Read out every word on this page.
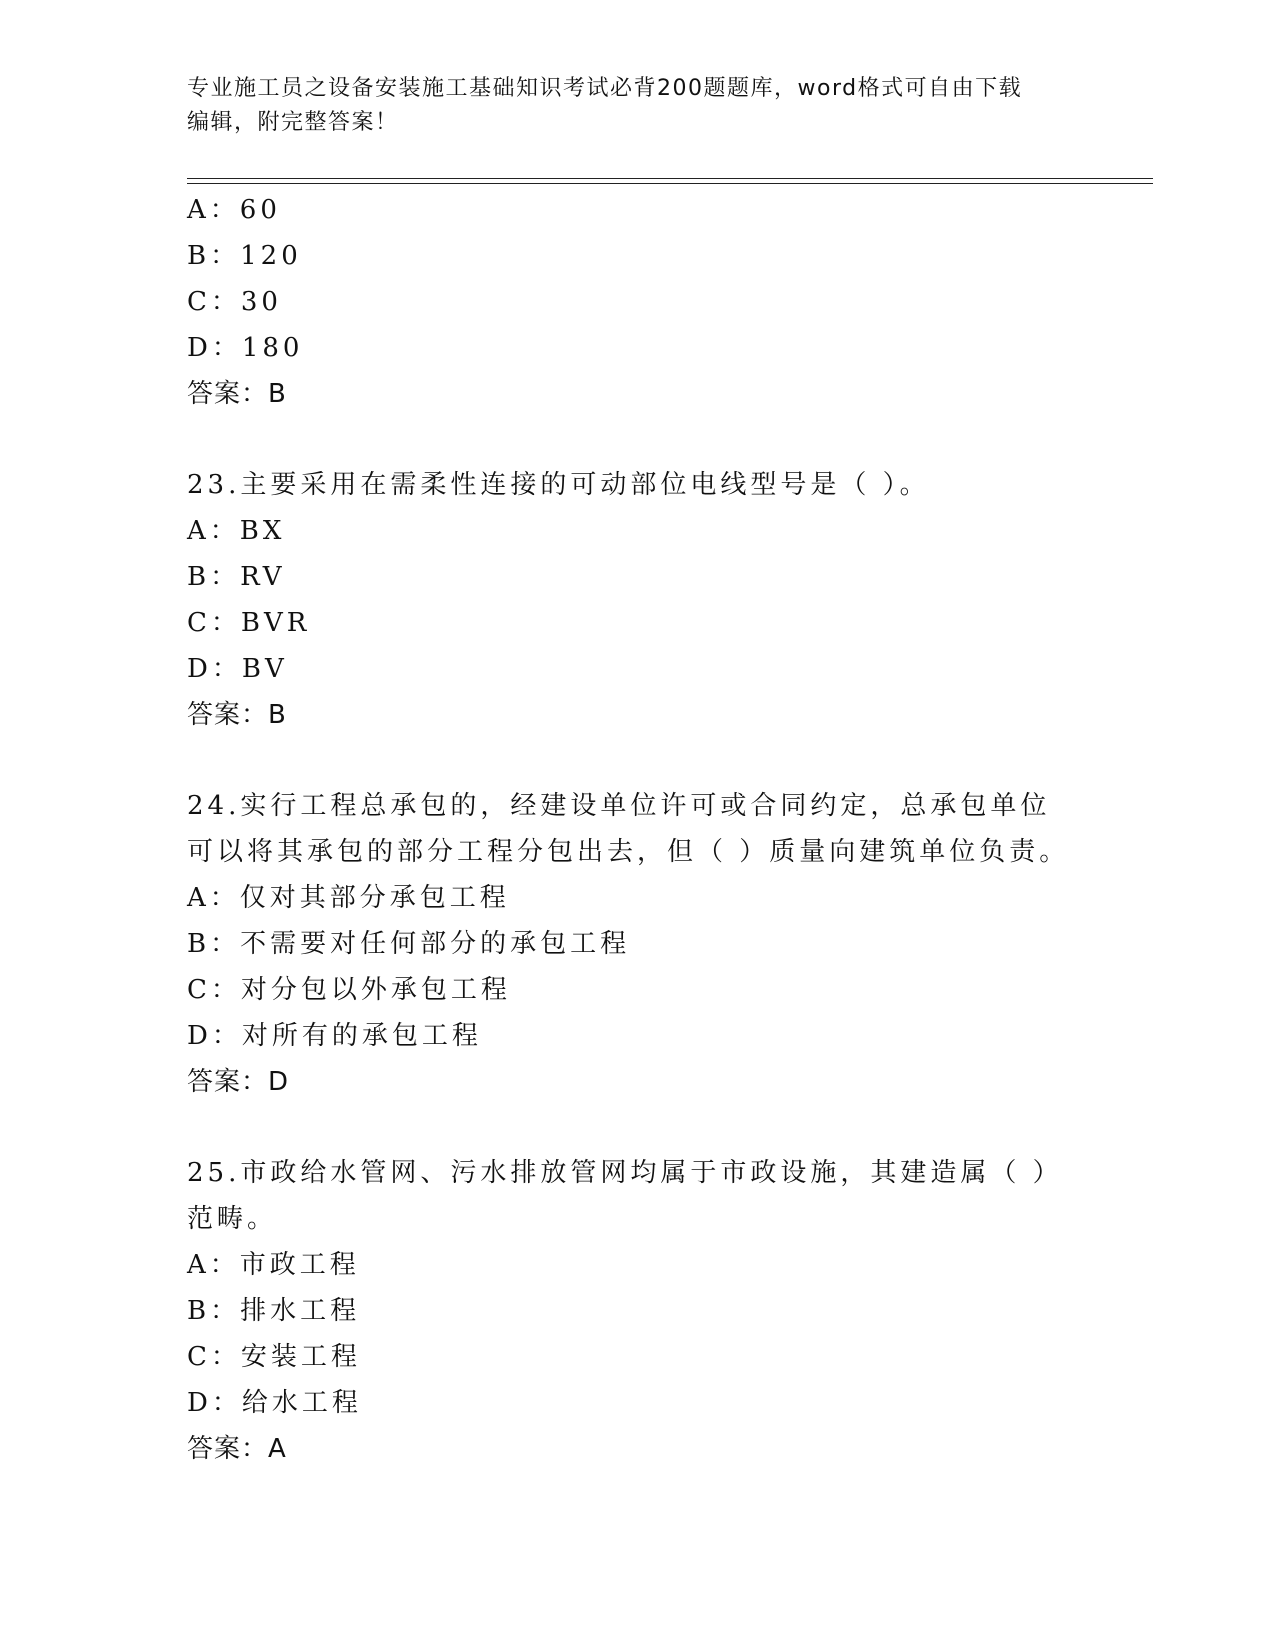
专业施工员之设备安装施工基础知识考试必背200题题库，word格式可自由下载
编辑，附完整答案！
A：60
B：120
C：30
D：180
答案：B
23.主要采用在需柔性连接的可动部位电线型号是（ ）。
A：BX
B：RV
C：BVR
D：BV
答案：B
24.实行工程总承包的，经建设单位许可或合同约定，总承包单位可以将其承包的部分工程分包出去，但（ ）质量向建筑单位负责。
A：仅对其部分承包工程
B：不需要对任何部分的承包工程
C：对分包以外承包工程
D：对所有的承包工程
答案：D
25.市政给水管网、污水排放管网均属于市政设施，其建造属（ ）范畴。
A：市政工程
B：排水工程
C：安装工程
D：给水工程
答案：A
